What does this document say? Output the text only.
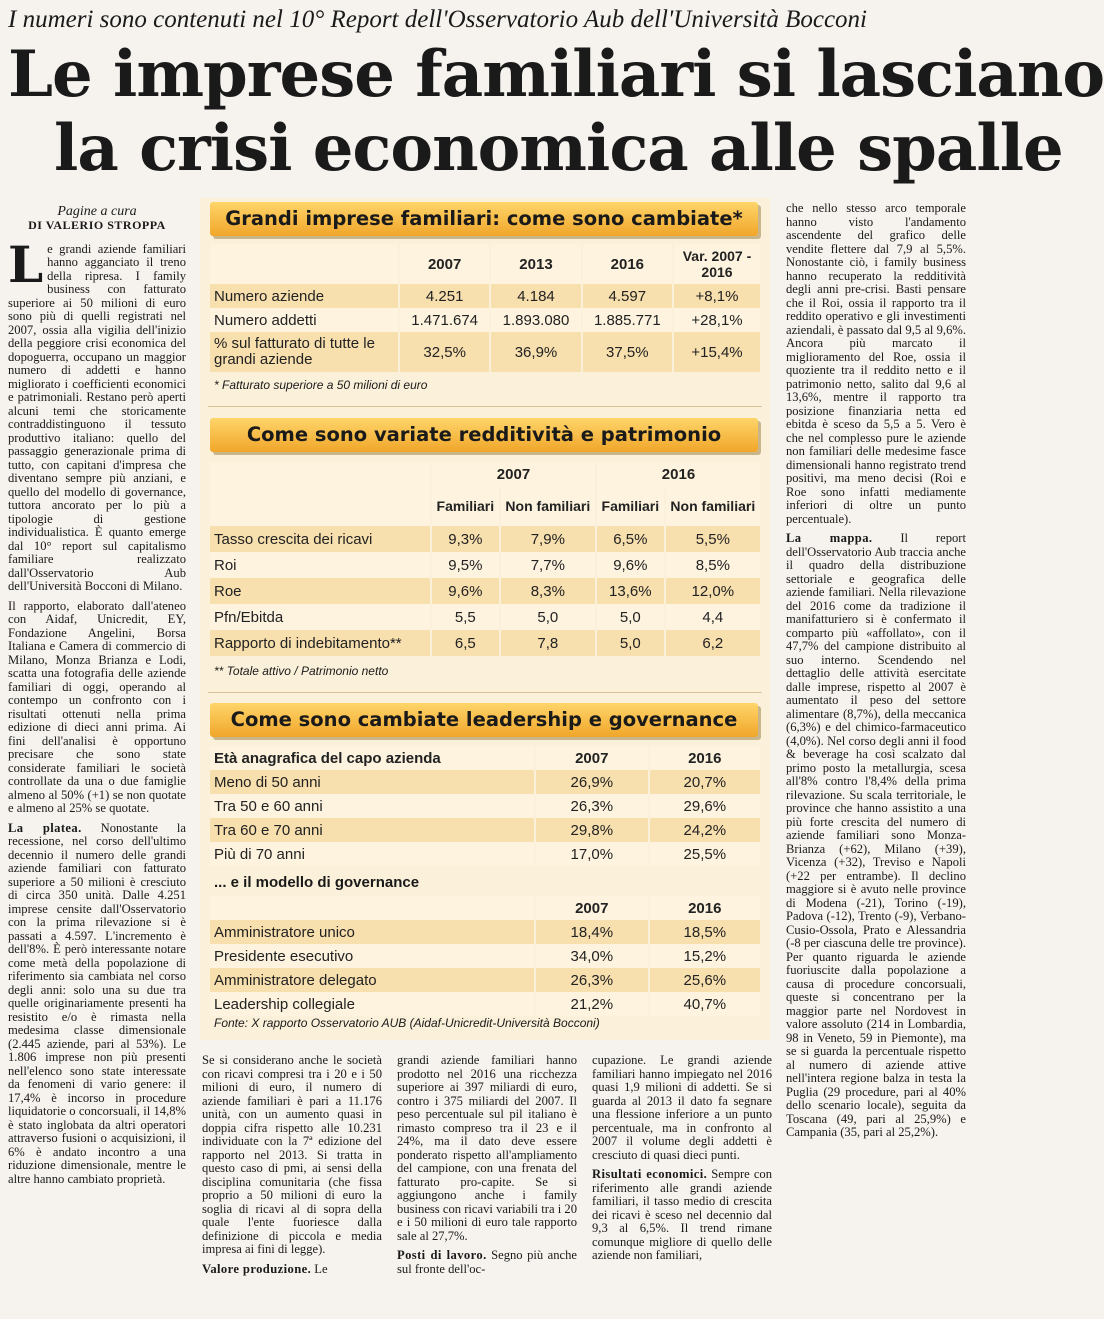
I numeri sono contenuti nel 10° Report dell'Osservatorio Aub dell'Università Bocconi
Le imprese familiari si lasciano
la crisi economica alle spalle
Pagine a cura
DI VALERIO STROPPA

Le grandi aziende familiari hanno agganciato il treno della ripresa. I family business con fatturato superiore ai 50 milioni di euro sono più di quelli registrati nel 2007, ossia alla vigilia dell'inizio della peggiore crisi economica del dopoguerra, occupano un maggior numero di addetti e hanno migliorato i coefficienti economici e patrimoniali. Restano però aperti alcuni temi che storicamente contraddistinguono il tessuto produttivo italiano: quello del passaggio generazionale prima di tutto, con capitani d'impresa che diventano sempre più anziani, e quello del modello di governance, tuttora ancorato per lo più a tipologie di gestione individualistica. È quanto emerge dal 10° report sul capitalismo familiare realizzato dall'Osservatorio Aub dell'Università Bocconi di Milano.

Il rapporto, elaborato dall'ateneo con Aidaf, Unicredit, EY, Fondazione Angelini, Borsa Italiana e Camera di commercio di Milano, Monza Brianza e Lodi, scatta una fotografia delle aziende familiari di oggi, operando al contempo un confronto con i risultati ottenuti nella prima edizione di dieci anni prima. Ai fini dell'analisi è opportuno precisare che sono state considerate familiari le società controllate da una o due famiglie almeno al 50% (+1) se non quotate e almeno al 25% se quotate.

La platea. Nonostante la recessione, nel corso dell'ultimo decennio il numero delle grandi aziende familiari con fatturato superiore a 50 milioni è cresciuto di circa 350 unità. Dalle 4.251 imprese censite dall'Osservatorio con la prima rilevazione si è passati a 4.597. L'incremento è dell'8%. È però interessante notare come metà della popolazione di riferimento sia cambiata nel corso degli anni: solo una su due tra quelle originariamente presenti ha resistito e/o è rimasta nella medesima classe dimensionale (2.445 aziende, pari al 53%). Le 1.806 imprese non più presenti nell'elenco sono state interessate da fenomeni di vario genere: il 17,4% è incorso in procedure liquidatorie o concorsuali, il 14,8% è stato inglobata da altri operatori attraverso fusioni o acquisizioni, il 6% è andato incontro a una riduzione dimensionale, mentre le altre hanno cambiato proprietà.

Se si considerano anche le società con ricavi compresi tra i 20 e i 50 milioni di euro, il numero di aziende familiari è pari a 11.176 unità, con un aumento quasi in doppia cifra rispetto alle 10.231 individuate con la 7ª edizione del rapporto nel 2013. Si tratta in questo caso di pmi, ai sensi della disciplina comunitaria (che fissa proprio a 50 milioni di euro la soglia di ricavi al di sopra della quale l'ente fuoriesce dalla definizione di piccola e media impresa ai fini di legge).

Valore produzione. Le

grandi aziende familiari hanno prodotto nel 2016 una ricchezza superiore ai 397 miliardi di euro, contro i 375 miliardi del 2007. Il peso percentuale sul pil italiano è rimasto compreso tra il 23 e il 24%, ma il dato deve essere ponderato rispetto all'ampliamento del campione, con una frenata del fatturato pro-capite. Se si aggiungono anche i family business con ricavi variabili tra i 20 e i 50 milioni di euro tale rapporto sale al 27,7%.

Posti di lavoro. Segno più anche sul fronte dell'oc-

cupazione. Le grandi aziende familiari hanno impiegato nel 2016 quasi 1,9 milioni di addetti. Se si guarda al 2013 il dato fa segnare una flessione inferiore a un punto percentuale, ma in confronto al 2007 il volume degli addetti è cresciuto di quasi dieci punti.

Risultati economici. Sempre con riferimento alle grandi aziende familiari, il tasso medio di crescita dei ricavi è sceso nel decennio dal 9,3 al 6,5%. Il trend rimane comunque migliore di quello delle aziende non familiari,

che nello stesso arco temporale hanno visto l'andamento ascendente del grafico delle vendite flettere dal 7,9 al 5,5%. Nonostante ciò, i family business hanno recuperato la redditività degli anni pre-crisi. Basti pensare che il Roi, ossia il rapporto tra il reddito operativo e gli investimenti aziendali, è passato dal 9,5 al 9,6%. Ancora più marcato il miglioramento del Roe, ossia il quoziente tra il reddito netto e il patrimonio netto, salito dal 9,6 al 13,6%, mentre il rapporto tra posizione finanziaria netta ed ebitda è sceso da 5,5 a 5. Vero è che nel complesso pure le aziende non familiari delle medesime fasce dimensionali hanno registrato trend positivi, ma meno decisi (Roi e Roe sono infatti mediamente inferiori di oltre un punto percentuale).

La mappa. Il report dell'Osservatorio Aub traccia anche il quadro della distribuzione settoriale e geografica delle aziende familiari. Nella rilevazione del 2016 come da tradizione il manifatturiero si è confermato il comparto più «affollato», con il 47,7% del campione distribuito al suo interno. Scendendo nel dettaglio delle attività esercitate dalle imprese, rispetto al 2007 è aumentato il peso del settore alimentare (8,7%), della meccanica (6,3%) e del chimico-farmaceutico (4,0%). Nel corso degli anni il food & beverage ha così scalzato dal primo posto la metallurgia, scesa all'8% contro l'8,4% della prima rilevazione. Su scala territoriale, le province che hanno assistito a una più forte crescita del numero di aziende familiari sono Monza-Brianza (+62), Milano (+39), Vicenza (+32), Treviso e Napoli (+22 per entrambe). Il declino maggiore si è avuto nelle province di Modena (-21), Torino (-19), Padova (-12), Trento (-9), Verbano-Cusio-Ossola, Prato e Alessandria (-8 per ciascuna delle tre province). Per quanto riguarda le aziende fuoriuscite dalla popolazione a causa di procedure concorsuali, queste si concentrano per la maggior parte nel Nordovest in valore assoluto (214 in Lombardia, 98 in Veneto, 59 in Piemonte), ma se si guarda la percentuale rispetto al numero di aziende attive nell'intera regione balza in testa la Puglia (29 procedure, pari al 40% dello scenario locale), seguita da Toscana (49, pari al 25,9%) e Campania (35, pari al 25,2%).

Grandi imprese familiari: come sono cambiate*
	2007	2013	2016	Var. 2007 - 2016
Numero aziende	4.251	4.184	4.597	+8,1%
Numero addetti	1.471.674	1.893.080	1.885.771	+28,1%
% sul fatturato di tutte le grandi aziende	32,5%	36,9%	37,5%	+15,4%
* Fatturato superiore a 50 milioni di euro
Come sono variate redditività e patrimonio
	2007		2016	
	Familiari	Non familiari	Familiari	Non familiari
Tasso crescita dei ricavi	9,3%	7,9%	6,5%	5,5%
Roi	9,5%	7,7%	9,6%	8,5%
Roe	9,6%	8,3%	13,6%	12,0%
Pfn/Ebitda	5,5	5,0	5,0	4,4
Rapporto di indebitamento**	6,5	7,8	5,0	6,2
** Totale attivo / Patrimonio netto
Come sono cambiate leadership e governance
Età anagrafica del capo azienda	2007	2016
Meno di 50 anni	26,9%	20,7%
Tra 50 e 60 anni	26,3%	29,6%
Tra 60 e 70 anni	29,8%	24,2%
Più di 70 anni	17,0%	25,5%
... e il modello di governance
	2007	2016
Amministratore unico	18,4%	18,5%
Presidente esecutivo	34,0%	15,2%
Amministratore delegato	26,3%	25,6%
Leadership collegiale	21,2%	40,7%
Fonte: X rapporto Osservatorio AUB (Aidaf-Unicredit-Università Bocconi)
